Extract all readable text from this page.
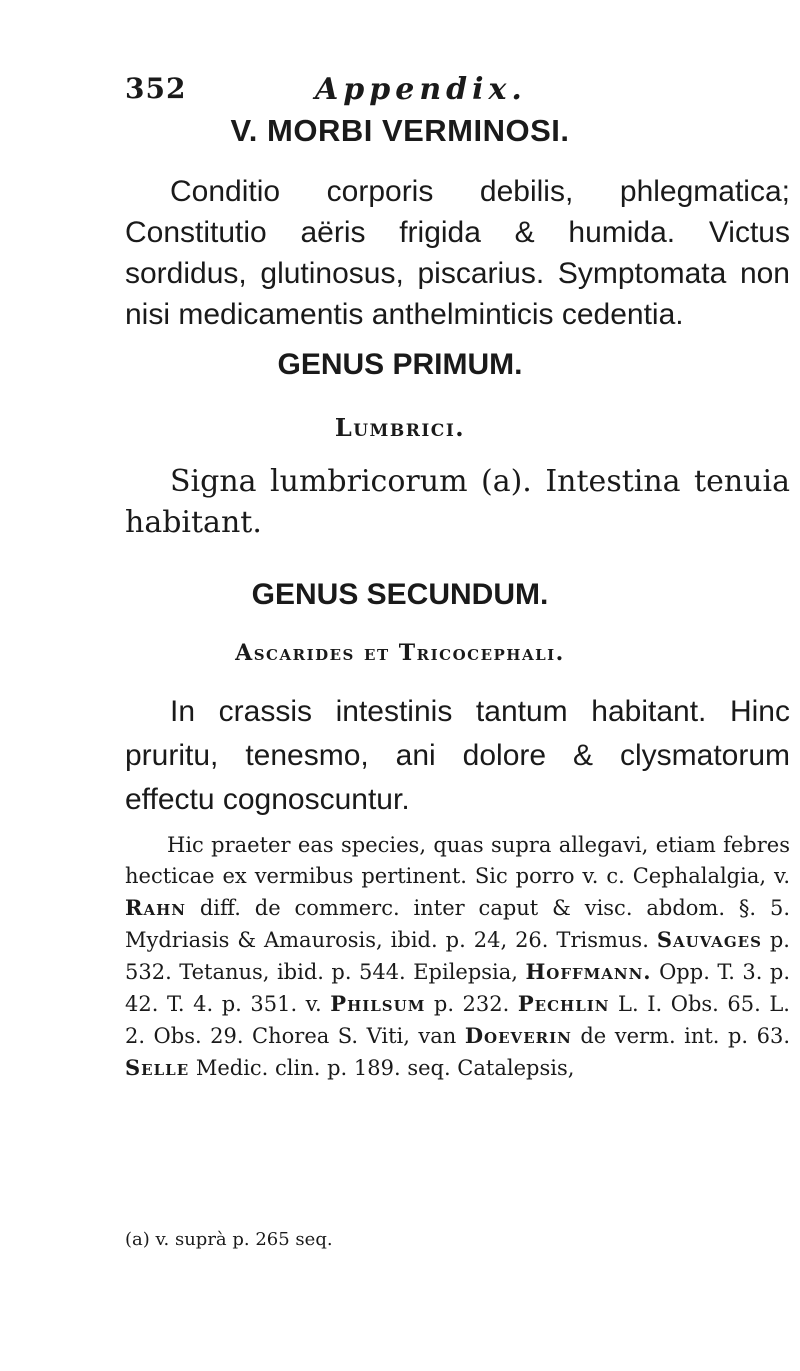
352	Appendix.
V. MORBI VERMINOSI.

Conditio corporis debilis, phlegmatica; Constitutio aëris frigida & humida. Victus sordidus, glutinosus, piscarius. Symptomata non nisi medicamentis anthelminticis cedentia.

GENUS PRIMUM.
Lumbrici.

Signa lumbricorum (a). Intestina tenuia habitant.

GENUS SECUNDUM.
Ascarides et Tricocephali.

In crassis intestinis tantum habitant. Hinc pruritu, tenesmo, ani dolore & clysmatorum effectu cognoscuntur.

Hic praeter eas species, quas supra allegavi, etiam febres hecticae ex vermibus pertinent. Sic porro v. c. Cephalalgia, v. Rahn diff. de commerc. inter caput & visc. abdom. §. 5. Mydriasis & Amaurosis, ibid. p. 24, 26. Trismus. Sauvages p. 532. Tetanus, ibid. p. 544. Epilepsia, Hoffmann. Opp. T. 3. p. 42. T. 4. p. 351. v. Philsum p. 232. Pechlin L. I. Obs. 65. L. 2. Obs. 29. Chorea S. Viti, van Doeverin de verm. int. p. 63. Selle Medic. clin. p. 189. seq. Catalepsis,

(a) v. suprà p. 265 seq.
